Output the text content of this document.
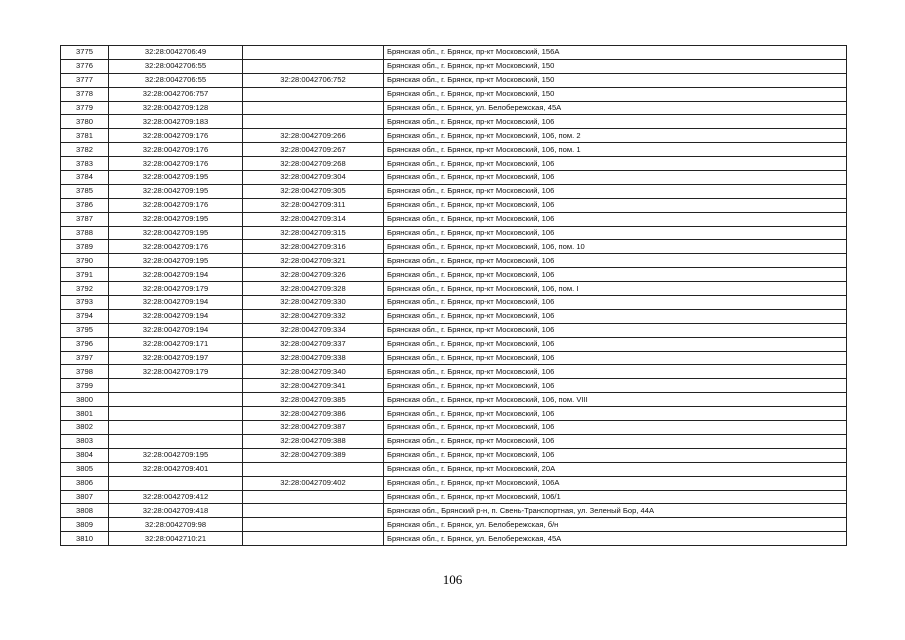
3775	32:28:0042706:49		Брянская обл., г. Брянск, пр-кт Московский, 156А
3776	32:28:0042706:55		Брянская обл., г. Брянск, пр-кт Московский, 150
3777	32:28:0042706:55	32:28:0042706:752	Брянская обл., г. Брянск, пр-кт Московский, 150
3778	32:28:0042706:757		Брянская обл., г. Брянск, пр-кт Московский, 150
3779	32:28:0042709:128		Брянская обл., г. Брянск, ул. Белобережская, 45А
3780	32:28:0042709:183		Брянская обл., г. Брянск, пр-кт Московский, 106
3781	32:28:0042709:176	32:28:0042709:266	Брянская обл., г. Брянск, пр-кт Московский, 106, пом. 2
3782	32:28:0042709:176	32:28:0042709:267	Брянская обл., г. Брянск, пр-кт Московский, 106, пом. 1
3783	32:28:0042709:176	32:28:0042709:268	Брянская обл., г. Брянск, пр-кт Московский, 106
3784	32:28:0042709:195	32:28:0042709:304	Брянская обл., г. Брянск, пр-кт Московский, 106
3785	32:28:0042709:195	32:28:0042709:305	Брянская обл., г. Брянск, пр-кт Московский, 106
3786	32:28:0042709:176	32:28:0042709:311	Брянская обл., г. Брянск, пр-кт Московский, 106
3787	32:28:0042709:195	32:28:0042709:314	Брянская обл., г. Брянск, пр-кт Московский, 106
3788	32:28:0042709:195	32:28:0042709:315	Брянская обл., г. Брянск, пр-кт Московский, 106
3789	32:28:0042709:176	32:28:0042709:316	Брянская обл., г. Брянск, пр-кт Московский, 106, пом. 10
3790	32:28:0042709:195	32:28:0042709:321	Брянская обл., г. Брянск, пр-кт Московский, 106
3791	32:28:0042709:194	32:28:0042709:326	Брянская обл., г. Брянск, пр-кт Московский, 106
3792	32:28:0042709:179	32:28:0042709:328	Брянская обл., г. Брянск, пр-кт Московский, 106, пом. I
3793	32:28:0042709:194	32:28:0042709:330	Брянская обл., г. Брянск, пр-кт Московский, 106
3794	32:28:0042709:194	32:28:0042709:332	Брянская обл., г. Брянск, пр-кт Московский, 106
3795	32:28:0042709:194	32:28:0042709:334	Брянская обл., г. Брянск, пр-кт Московский, 106
3796	32:28:0042709:171	32:28:0042709:337	Брянская обл., г. Брянск, пр-кт Московский, 106
3797	32:28:0042709:197	32:28:0042709:338	Брянская обл., г. Брянск, пр-кт Московский, 106
3798	32:28:0042709:179	32:28:0042709:340	Брянская обл., г. Брянск, пр-кт Московский, 106
3799		32:28:0042709:341	Брянская обл., г. Брянск, пр-кт Московский, 106
3800		32:28:0042709:385	Брянская обл., г. Брянск, пр-кт Московский, 106, пом. VIII
3801		32:28:0042709:386	Брянская обл., г. Брянск, пр-кт Московский, 106
3802		32:28:0042709:387	Брянская обл., г. Брянск, пр-кт Московский, 106
3803		32:28:0042709:388	Брянская обл., г. Брянск, пр-кт Московский, 106
3804	32:28:0042709:195	32:28:0042709:389	Брянская обл., г. Брянск, пр-кт Московский, 106
3805	32:28:0042709:401		Брянская обл., г. Брянск, пр-кт Московский, 20А
3806		32:28:0042709:402	Брянская обл., г. Брянск, пр-кт Московский, 106А
3807	32:28:0042709:412		Брянская обл., г. Брянск, пр-кт Московский, 106/1
3808	32:28:0042709:418		Брянская обл., Брянский р-н, п. Свень-Транспортная, ул. Зеленый Бор, 44А
3809	32:28:0042709:98		Брянская обл., г. Брянск, ул. Белобережская, б/н
3810	32:28:0042710:21		Брянская обл., г. Брянск, ул. Белобережская, 45А
106
